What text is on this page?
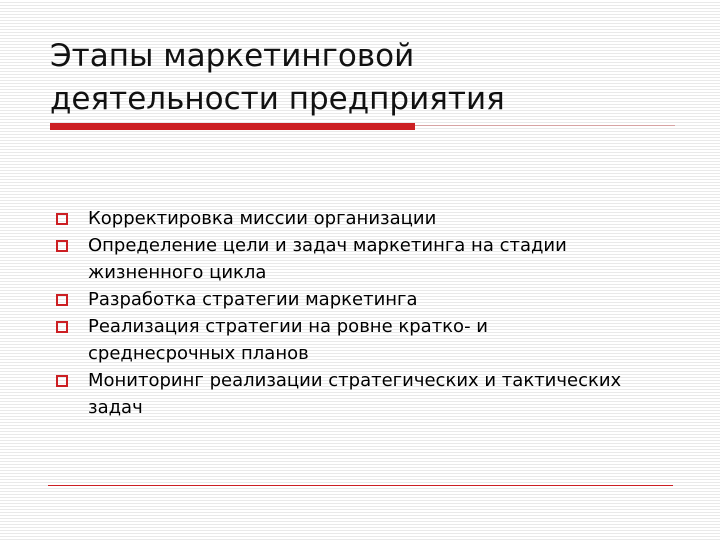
Этапы маркетинговой
деятельности предприятия
Корректировка миссии организации
Определение цели и задач маркетинга на стадии
жизненного цикла
Разработка стратегии маркетинга
Реализация стратегии на ровне кратко- и
среднесрочных планов
Мониторинг реализации стратегических и тактических
задач
